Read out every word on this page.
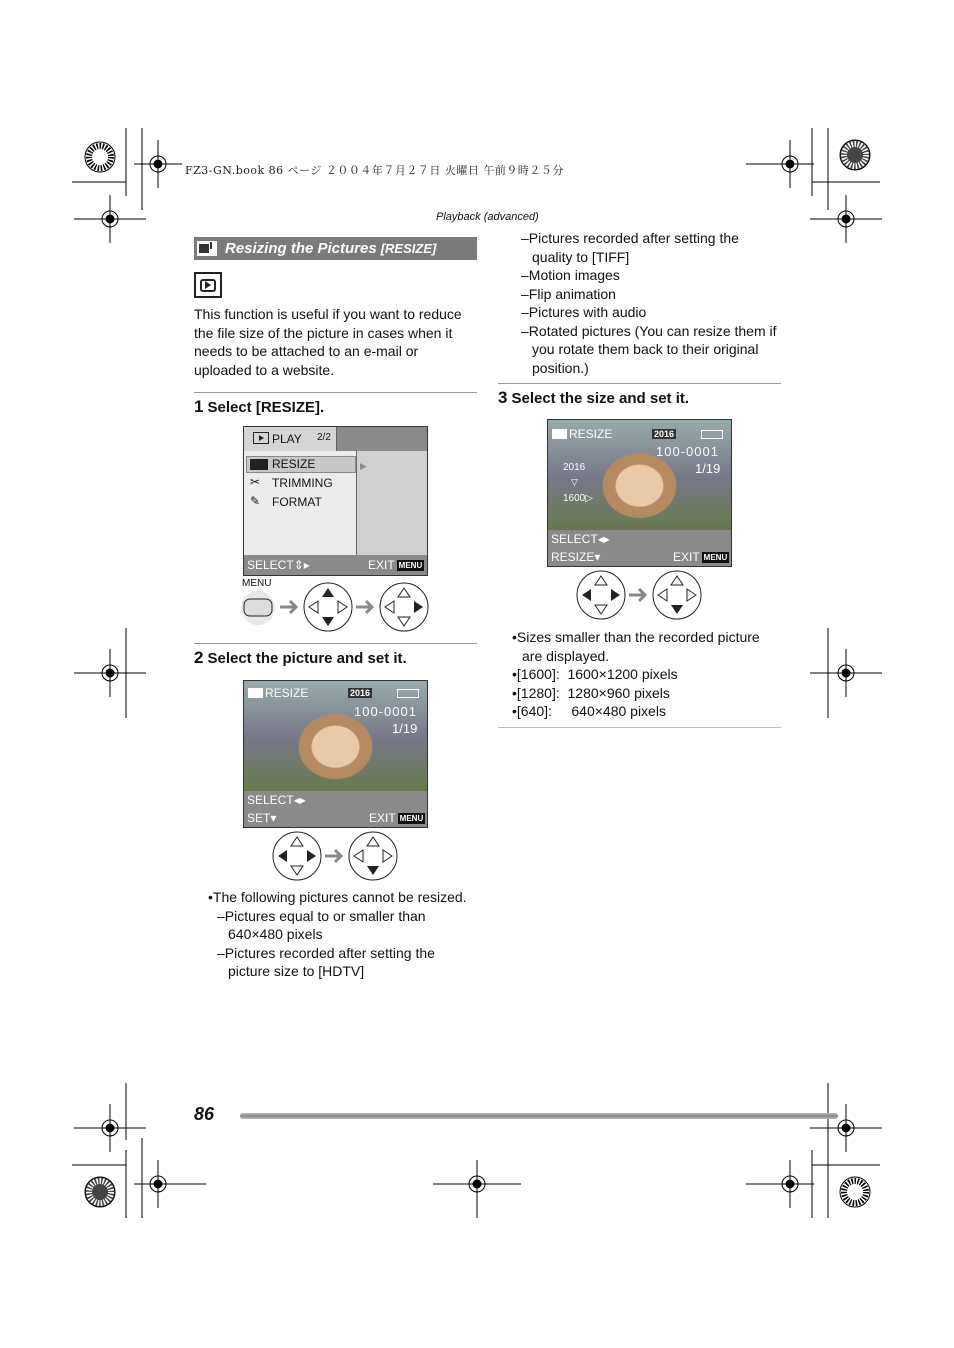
FZ3-GN.book 86 ページ ２００４年７月２７日 火曜日 午前９時２５分
Playback (advanced)
Resizing the Pictures [RESIZE]
This function is useful if you want to reduce the file size of the picture in cases when it needs to be attached to an e-mail or uploaded to a website.
1 Select [RESIZE].
PLAY 2/2
▶
RESIZE
✂ TRIMMING
✎ FORMAT
SELECT⇕▸	EXIT MENU
MENU
2 Select the picture and set it.
RESIZE	2016
100-0001
1/19
SELECT◂▸
SET▾	EXIT MENU
•The following pictures cannot be resized.
–Pictures equal to or smaller than 640×480 pixels
–Pictures recorded after setting the picture size to [HDTV]
–Pictures recorded after setting the quality to [TIFF]
–Motion images
–Flip animation
–Pictures with audio
–Rotated pictures (You can resize them if you rotate them back to their original position.)
3 Select the size and set it.
RESIZE	2016
100-0001
1/19
2016
▽
1600▷
SELECT◂▸
RESIZE▾	EXIT MENU
•Sizes smaller than the recorded picture are displayed.
•[1600]:  1600×1200 pixels
•[1280]:  1280×960 pixels
•[640]:     640×480 pixels
86
